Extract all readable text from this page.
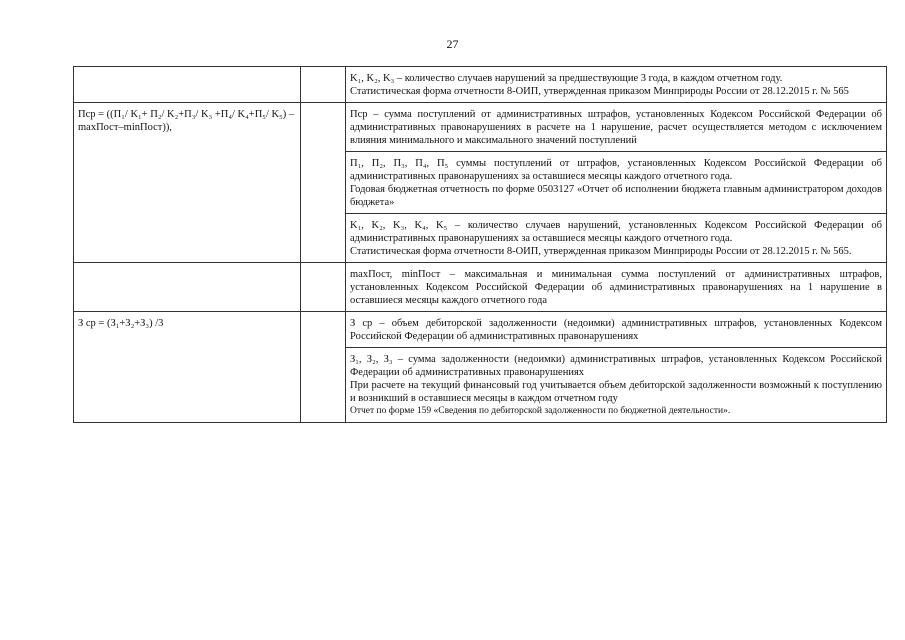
27

		K₁, K₂, K₃ – количество случаев нарушений за предшествующие 3 года, в каждом отчетном году.
Статистическая форма отчетности 8-ОИП, утвержденная приказом Минприроды России от 28.12.2015 г. № 565

Пср = ((П₁/ K₁+ П₂/ K₂+П₃/ K₃ +П₄/ K₄+П₅/ K₅) – maxПост–minПост)),		Пср – сумма поступлений от административных штрафов, установленных Кодексом Российской Федерации об административных правонарушениях в расчете на 1 нарушение, расчет осуществляется методом с исключением влияния минимального и максимального значений поступлений

		П₁, П₂, П₃, П₄, П₅ суммы поступлений от штрафов, установленных Кодексом Российской Федерации об административных правонарушениях за оставшиеся месяцы каждого отчетного года.
Годовая бюджетная отчетность по форме 0503127 «Отчет об исполнении бюджета главным администратором доходов бюджета»

		K₁, K₂, K₃, K₄, K₅ – количество случаев нарушений, установленных Кодексом Российской Федерации об административных правонарушениях за оставшиеся месяцы каждого отчетного года.
Статистическая форма отчетности 8-ОИП, утвержденная приказом Минприроды России от 28.12.2015 г. № 565.

		maxПост, minПост – максимальная и минимальная сумма поступлений от административных штрафов, установленных Кодексом Российской Федерации об административных правонарушениях на 1 нарушение в оставшиеся месяцы каждого отчетного года

З ср = (З₁+З₂+З₃) /3		З ср – объем дебиторской задолженности (недоимки) административных штрафов, установленных Кодексом Российской Федерации об административных правонарушениях

		З₁, З₂, З₃ – сумма задолженности (недоимки) административных штрафов, установленных Кодексом Российской Федерации об административных правонарушениях
При расчете на текущий финансовый год учитывается объем дебиторской задолженности возможный к поступлению и возникший в оставшиеся месяцы в каждом отчетном году
Отчет по форме 159 «Сведения по дебиторской задолженности по бюджетной деятельности».
